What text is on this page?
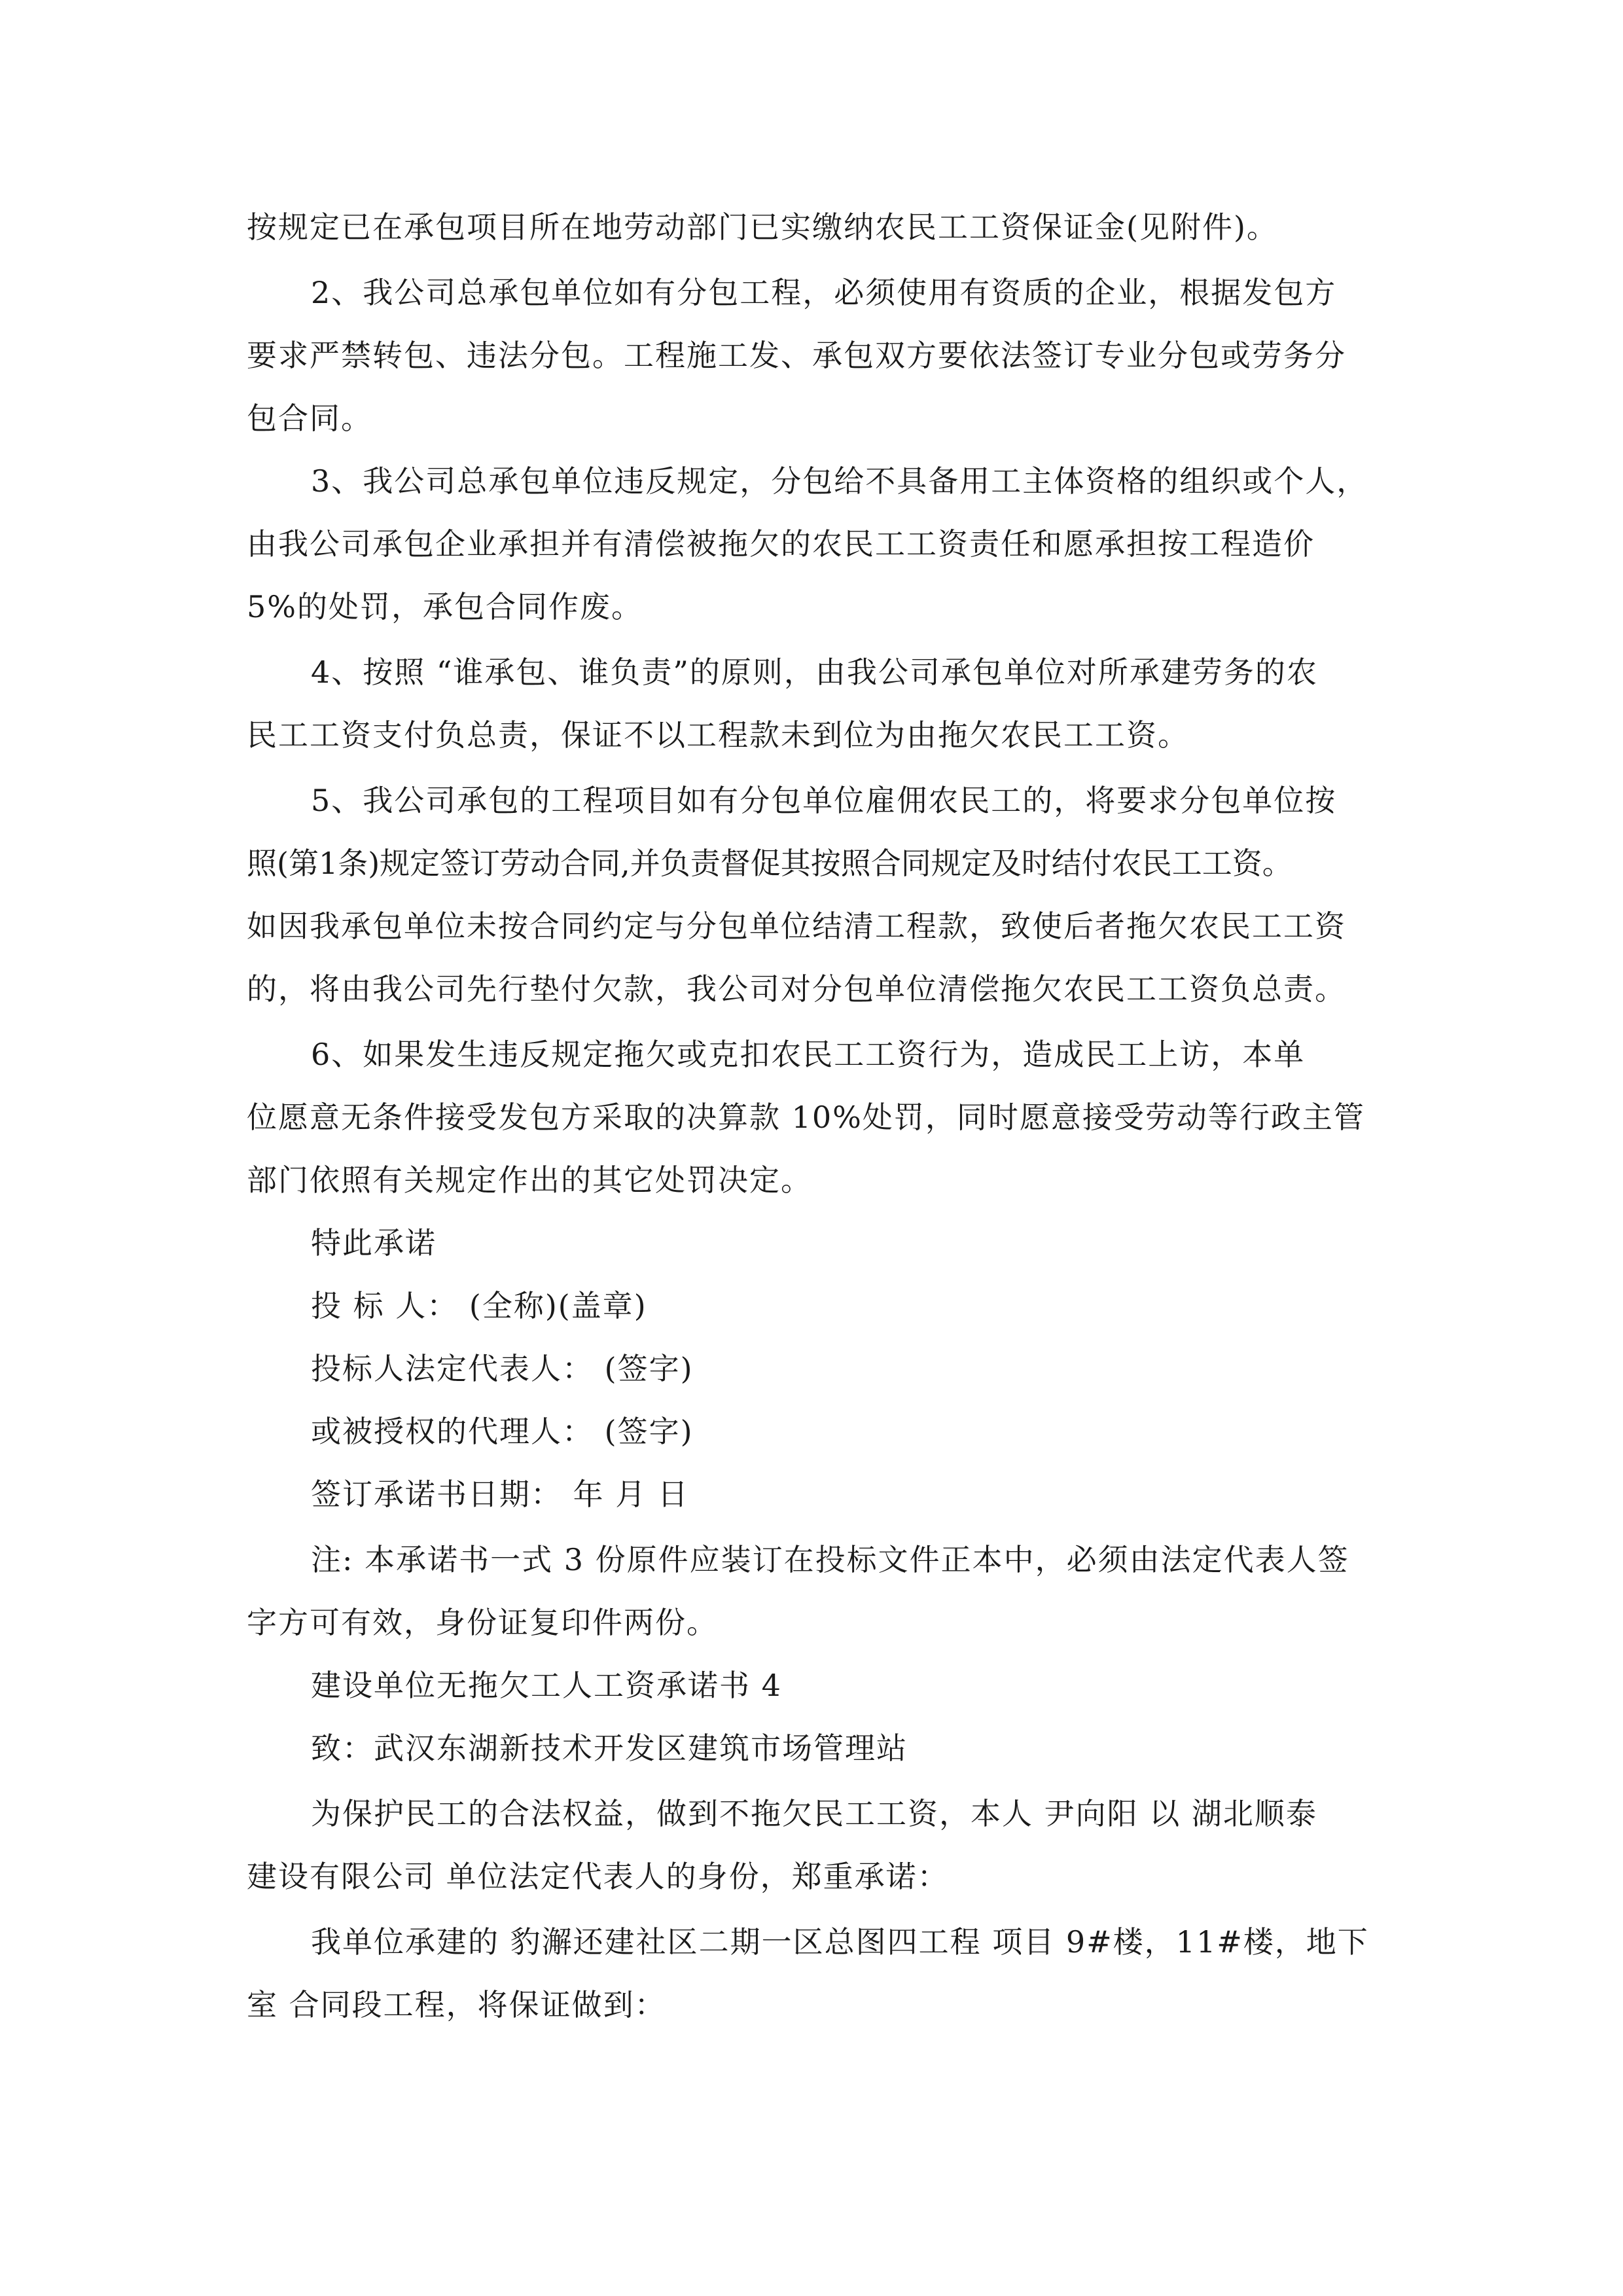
按规定已在承包项目所在地劳动部门已实缴纳农民工工资保证金(见附件)。

2、我公司总承包单位如有分包工程，必须使用有资质的企业，根据发包方

要求严禁转包、违法分包。工程施工发、承包双方要依法签订专业分包或劳务分

包合同。

3、我公司总承包单位违反规定，分包给不具备用工主体资格的组织或个人，

由我公司承包企业承担并有清偿被拖欠的农民工工资责任和愿承担按工程造价

5%的处罚，承包合同作废。

4、按照 “谁承包、谁负责”的原则，由我公司承包单位对所承建劳务的农

民工工资支付负总责，保证不以工程款未到位为由拖欠农民工工资。

5、我公司承包的工程项目如有分包单位雇佣农民工的，将要求分包单位按

照(第1条)规定签订劳动合同,并负责督促其按照合同规定及时结付农民工工资。

如因我承包单位未按合同约定与分包单位结清工程款，致使后者拖欠农民工工资

的，将由我公司先行垫付欠款，我公司对分包单位清偿拖欠农民工工资负总责。

6、如果发生违反规定拖欠或克扣农民工工资行为，造成民工上访，本单

位愿意无条件接受发包方采取的决算款 10%处罚，同时愿意接受劳动等行政主管

部门依照有关规定作出的其它处罚决定。

特此承诺

投 标 人： (全称)(盖章)

投标人法定代表人： (签字)

或被授权的代理人： (签字)

签订承诺书日期： 年 月 日

注: 本承诺书一式 3 份原件应装订在投标文件正本中，必须由法定代表人签

字方可有效，身份证复印件两份。

建设单位无拖欠工人工资承诺书 4

致：武汉东湖新技术开发区建筑市场管理站

为保护民工的合法权益，做到不拖欠民工工资，本人 尹向阳 以 湖北顺泰

建设有限公司 单位法定代表人的身份，郑重承诺：

我单位承建的 豹澥还建社区二期一区总图四工程 项目 9#楼，11#楼，地下

室 合同段工程，将保证做到：
